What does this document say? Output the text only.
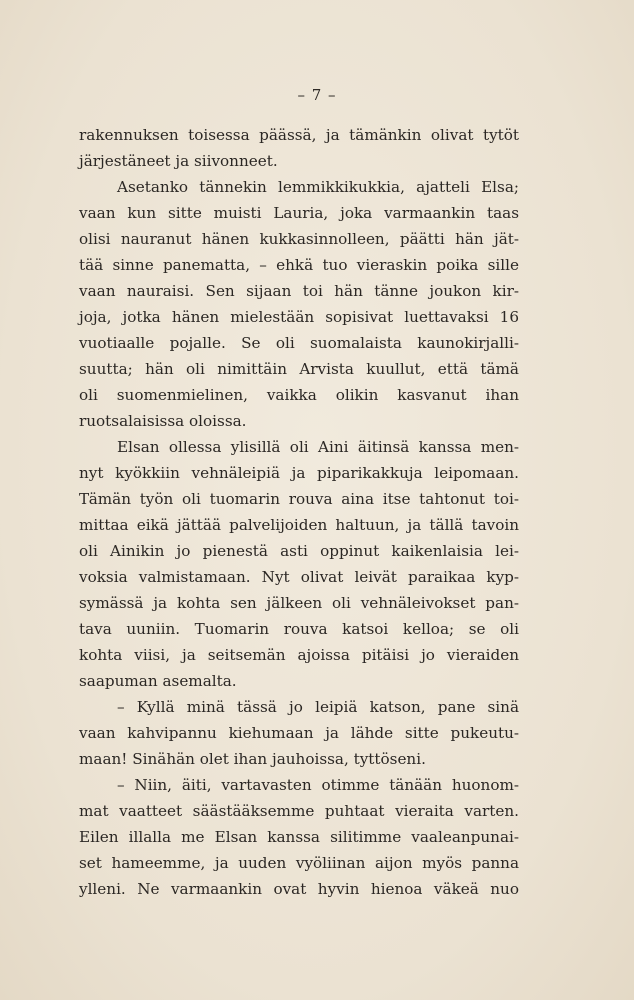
– 7 –
rakennuksen toisessa päässä, ja tämänkin olivat tytöt
järjestäneet ja siivonneet.
Asetanko tännekin lemmikkikukkia, ajatteli Elsa;
vaan kun sitte muisti Lauria, joka varmaankin taas
olisi nauranut hänen kukkasinnolleen, päätti hän jät-
tää sinne panematta, – ehkä tuo vieraskin poika sille
vaan nauraisi. Sen sijaan toi hän tänne joukon kir-
joja, jotka hänen mielestään sopisivat luettavaksi 16
vuotiaalle pojalle. Se oli suomalaista kaunokirjalli-
suutta; hän oli nimittäin Arvista kuullut, että tämä
oli suomenmielinen, vaikka olikin kasvanut ihan
ruotsalaisissa oloissa.
Elsan ollessa ylisillä oli Aini äitinsä kanssa men-
nyt kyökkiin vehnäleipiä ja piparikakkuja leipomaan.
Tämän työn oli tuomarin rouva aina itse tahtonut toi-
mittaa eikä jättää palvelijoiden haltuun, ja tällä tavoin
oli Ainikin jo pienestä asti oppinut kaikenlaisia lei-
voksia valmistamaan. Nyt olivat leivät paraikaa kyp-
symässä ja kohta sen jälkeen oli vehnäleivokset pan-
tava uuniin. Tuomarin rouva katsoi kelloa; se oli
kohta viisi, ja seitsemän ajoissa pitäisi jo vieraiden
saapuman asemalta.
– Kyllä minä tässä jo leipiä katson, pane sinä
vaan kahvipannu kiehumaan ja lähde sitte pukeutu-
maan! Sinähän olet ihan jauhoissa, tyttöseni.
– Niin, äiti, vartavasten otimme tänään huonom-
mat vaatteet säästääksemme puhtaat vieraita varten.
Eilen illalla me Elsan kanssa silitimme vaaleanpunai-
set hameemme, ja uuden vyöliinan aijon myös panna
ylleni. Ne varmaankin ovat hyvin hienoa väkeä nuo
